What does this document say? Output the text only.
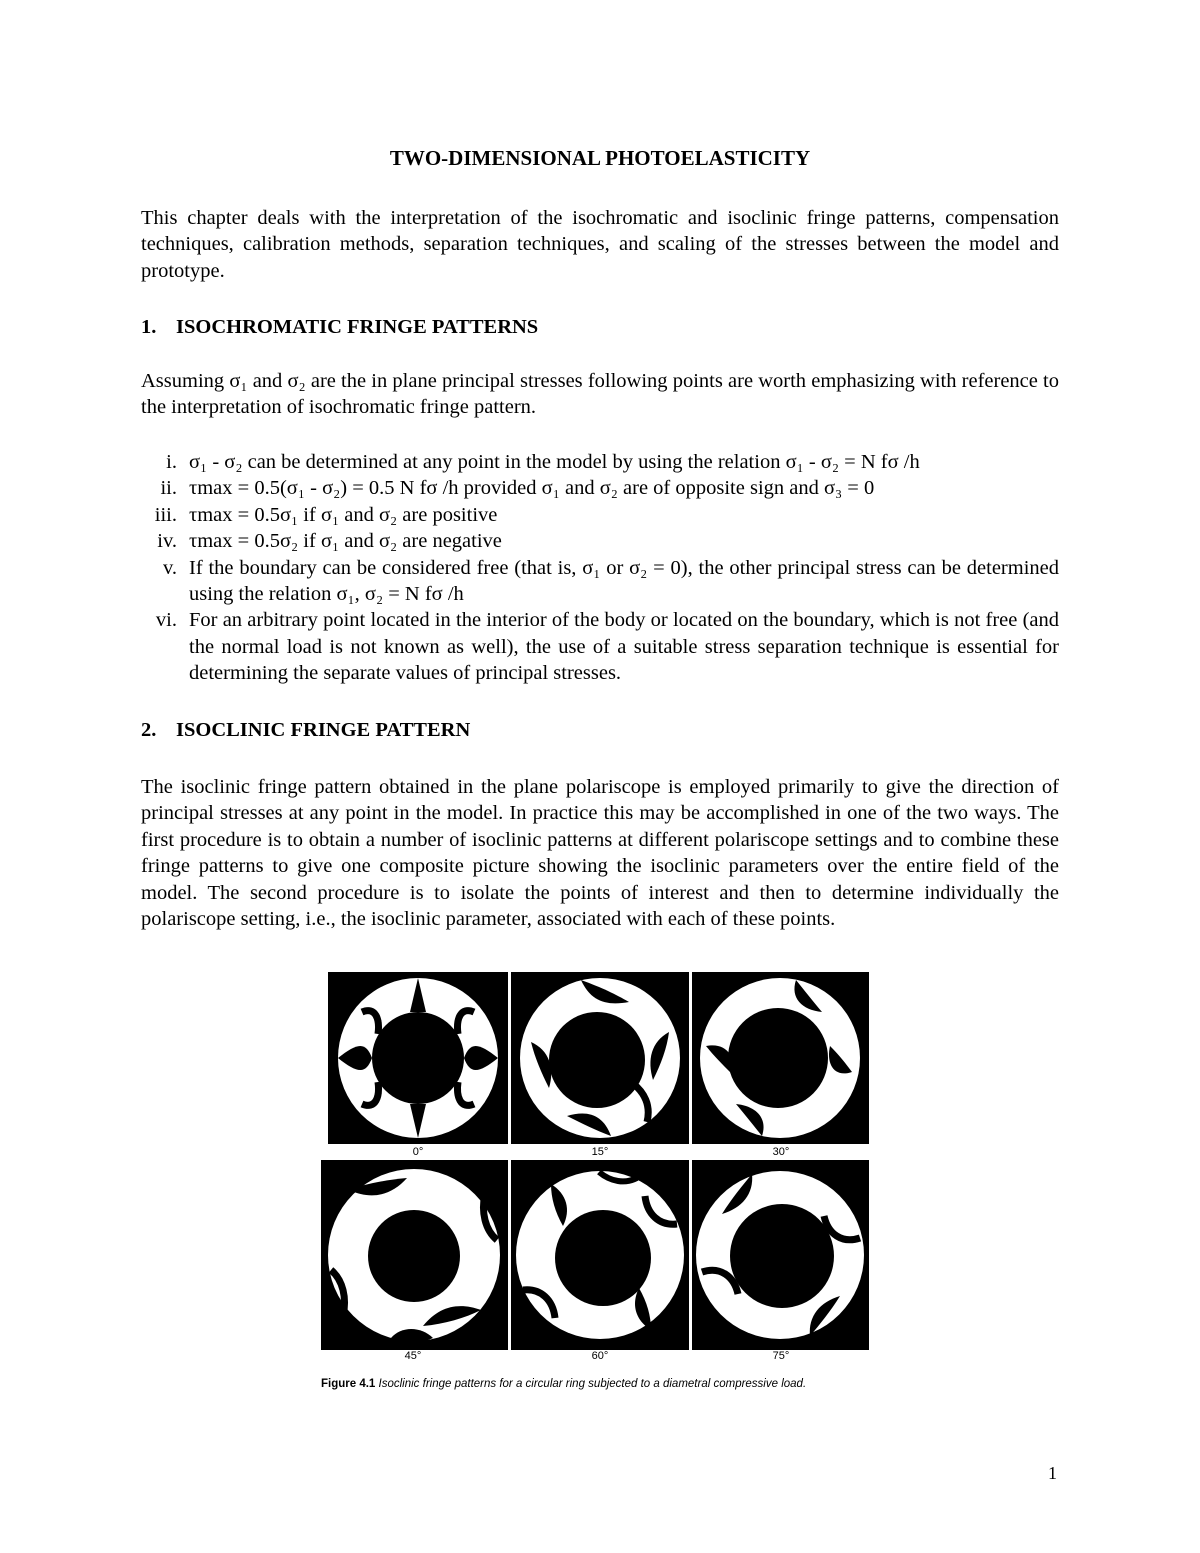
TWO-DIMENSIONAL PHOTOELASTICITY

This chapter deals with the interpretation of the isochromatic and isoclinic fringe patterns, compensation techniques, calibration methods, separation techniques, and scaling of the stresses between the model and prototype.

1. ISOCHROMATIC FRINGE PATTERNS

Assuming σ₁ and σ₂ are the in plane principal stresses following points are worth emphasizing with reference to the interpretation of isochromatic fringe pattern.

i. σ₁ - σ₂ can be determined at any point in the model by using the relation σ₁ - σ₂ = N fσ /h
ii. τmax = 0.5(σ₁ - σ₂) = 0.5 N fσ /h provided σ₁ and σ₂ are of opposite sign and σ₃ = 0
iii. τmax = 0.5σ₁ if σ₁ and σ₂ are positive
iv. τmax = 0.5σ₂ if σ₁ and σ₂ are negative
v. If the boundary can be considered free (that is, σ₁ or σ₂ = 0), the other principal stress can be determined using the relation σ₁, σ₂ = N fσ /h
vi. For an arbitrary point located in the interior of the body or located on the boundary, which is not free (and the normal load is not known as well), the use of a suitable stress separation technique is essential for determining the separate values of principal stresses.
2. ISOCLINIC FRINGE PATTERN

The isoclinic fringe pattern obtained in the plane polariscope is employed primarily to give the direction of principal stresses at any point in the model. In practice this may be accomplished in one of the two ways. The first procedure is to obtain a number of isoclinic patterns at different polariscope settings and to combine these fringe patterns to give one composite picture showing the isoclinic parameters over the entire field of the model. The second procedure is to isolate the points of interest and then to determine individually the polariscope setting, i.e., the isoclinic parameter, associated with each of these points.

0°	15°	30°
45°	60°	75°

Figure 4.1 Isoclinic fringe patterns for a circular ring subjected to a diametral compressive load.

1
